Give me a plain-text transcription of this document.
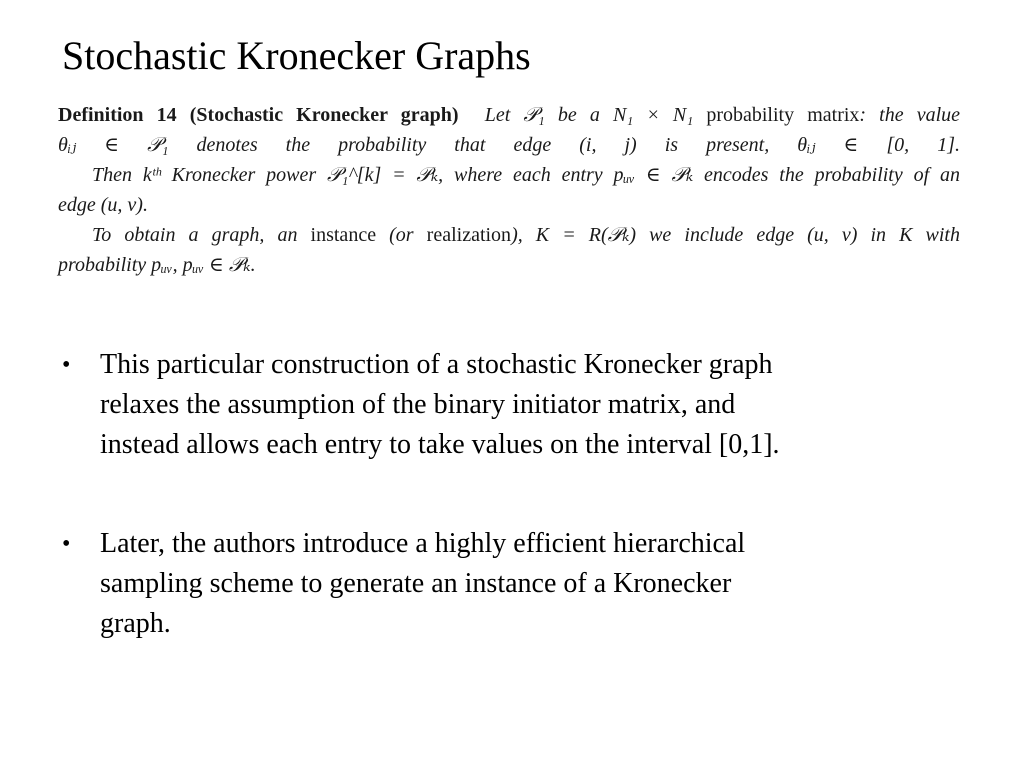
Stochastic Kronecker Graphs
Definition 14 (Stochastic Kronecker graph) Let 𝒫₁ be a N₁ × N₁ probability matrix: the value
θᵢⱼ ∈ 𝒫₁ denotes the probability that edge (i, j) is present, θᵢⱼ ∈ [0, 1].
Then kᵗʰ Kronecker power 𝒫₁^[k] = 𝒫ₖ, where each entry pᵤᵥ ∈ 𝒫ₖ encodes the probability of an
edge (u, v).
To obtain a graph, an instance (or realization), K = R(𝒫ₖ) we include edge (u, v) in K with
probability pᵤᵥ, pᵤᵥ ∈ 𝒫ₖ.
• This particular construction of a stochastic Kronecker graph
relaxes the assumption of the binary initiator matrix, and
instead allows each entry to take values on the interval [0,1].
• Later, the authors introduce a highly efficient hierarchical
sampling scheme to generate an instance of a Kronecker
graph.
